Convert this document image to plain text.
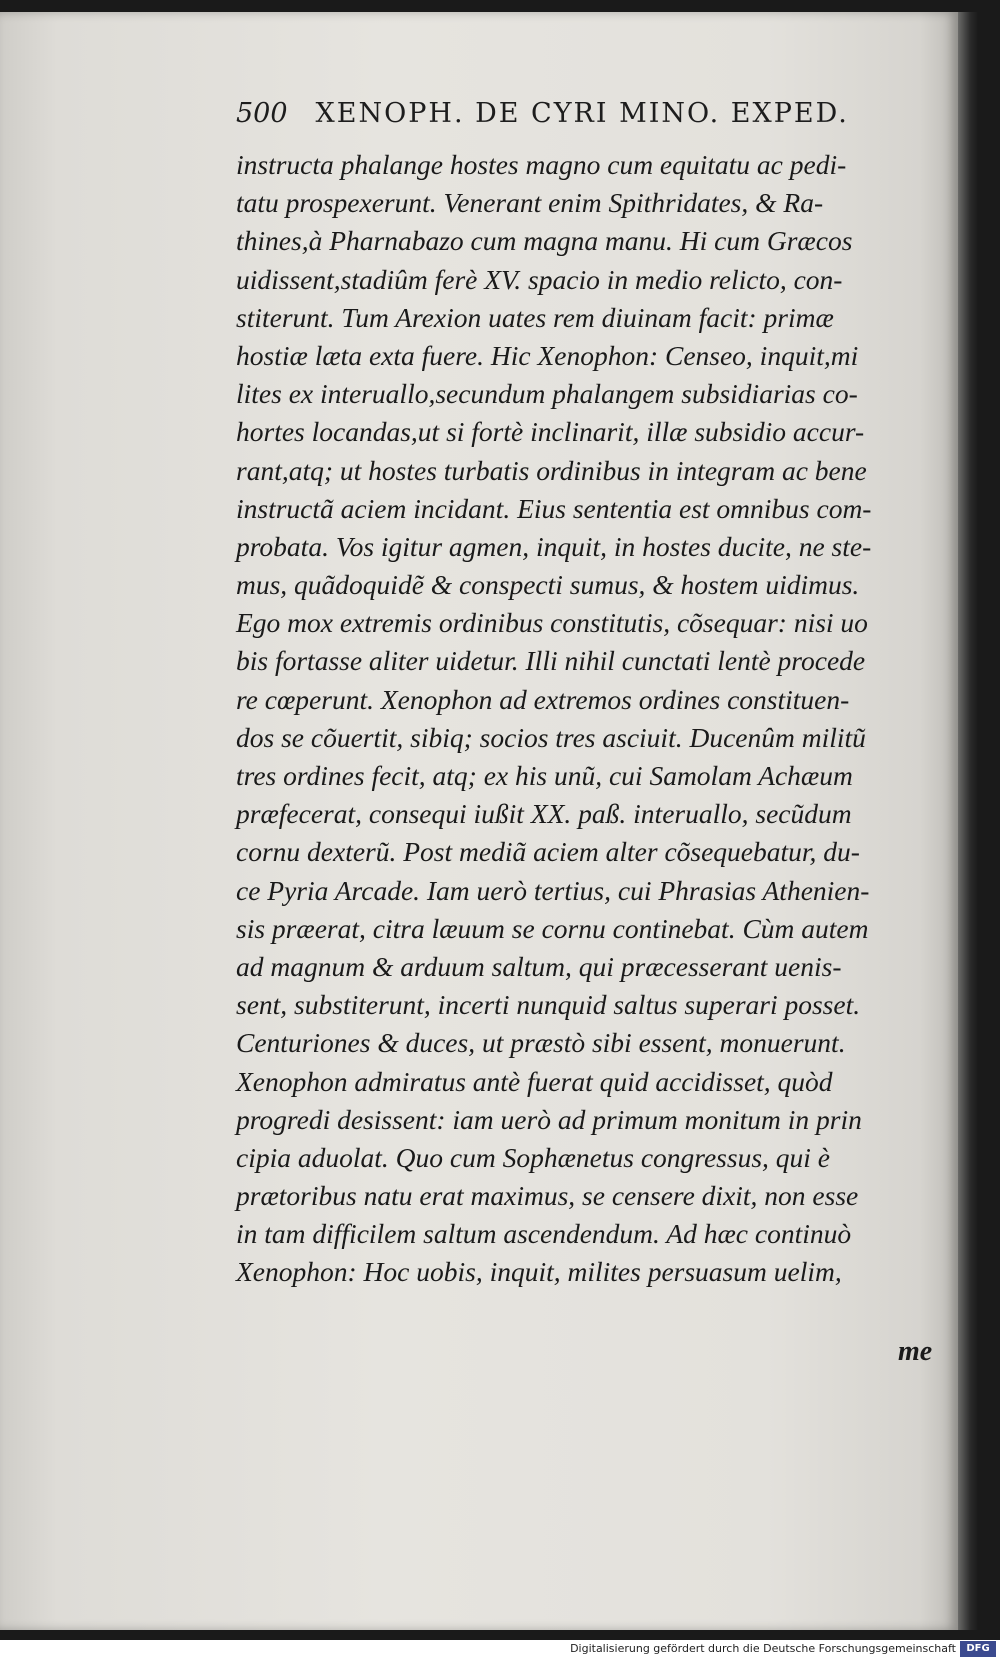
500 XENOPH. DE CYRI MINO. EXPED.
instructa phalange hostes magno cum equitatu ac pedi-
tatu prospexerunt. Venerant enim Spithridates, & Ra-
thines,à Pharnabazo cum magna manu. Hi cum Græcos
uidissent,stadiûm ferè XV. spacio in medio relicto, con-
stiterunt. Tum Arexion uates rem diuinam facit: primæ
hostiæ læta exta fuere. Hic Xenophon: Censeo, inquit,mi
lites ex interuallo,secundum phalangem subsidiarias co-
hortes locandas,ut si fortè inclinarit, illæ subsidio accur-
rant,atq; ut hostes turbatis ordinibus in integram ac bene
instructã aciem incidant. Eius sententia est omnibus com-
probata. Vos igitur agmen, inquit, in hostes ducite, ne ste-
mus, quãdoquidẽ & conspecti sumus, & hostem uidimus.
Ego mox extremis ordinibus constitutis, cõsequar: nisi uo
bis fortasse aliter uidetur. Illi nihil cunctati lentè procede
re cœperunt. Xenophon ad extremos ordines constituen-
dos se cõuertit, sibiq; socios tres asciuit. Ducenûm militũ
tres ordines fecit, atq; ex his unũ, cui Samolam Achæum
præfecerat, consequi iußit XX. paß. interuallo, secũdum
cornu dexterũ. Post mediã aciem alter cõsequebatur, du-
ce Pyria Arcade. Iam uerò tertius, cui Phrasias Athenien-
sis præerat, citra læuum se cornu continebat. Cùm autem
ad magnum & arduum saltum, qui præcesserant uenis-
sent, substiterunt, incerti nunquid saltus superari posset.
Centuriones & duces, ut præstò sibi essent, monuerunt.
Xenophon admiratus antè fuerat quid accidisset, quòd
progredi desissent: iam uerò ad primum monitum in prin
cipia aduolat. Quo cum Sophænetus congressus, qui è
prætoribus natu erat maximus, se censere dixit, non esse
in tam difficilem saltum ascendendum. Ad hæc continuò
Xenophon: Hoc uobis, inquit, milites persuasum uelim,
me
Digitalisierung gefördert durch die Deutsche Forschungsgemeinschaft	DFG
